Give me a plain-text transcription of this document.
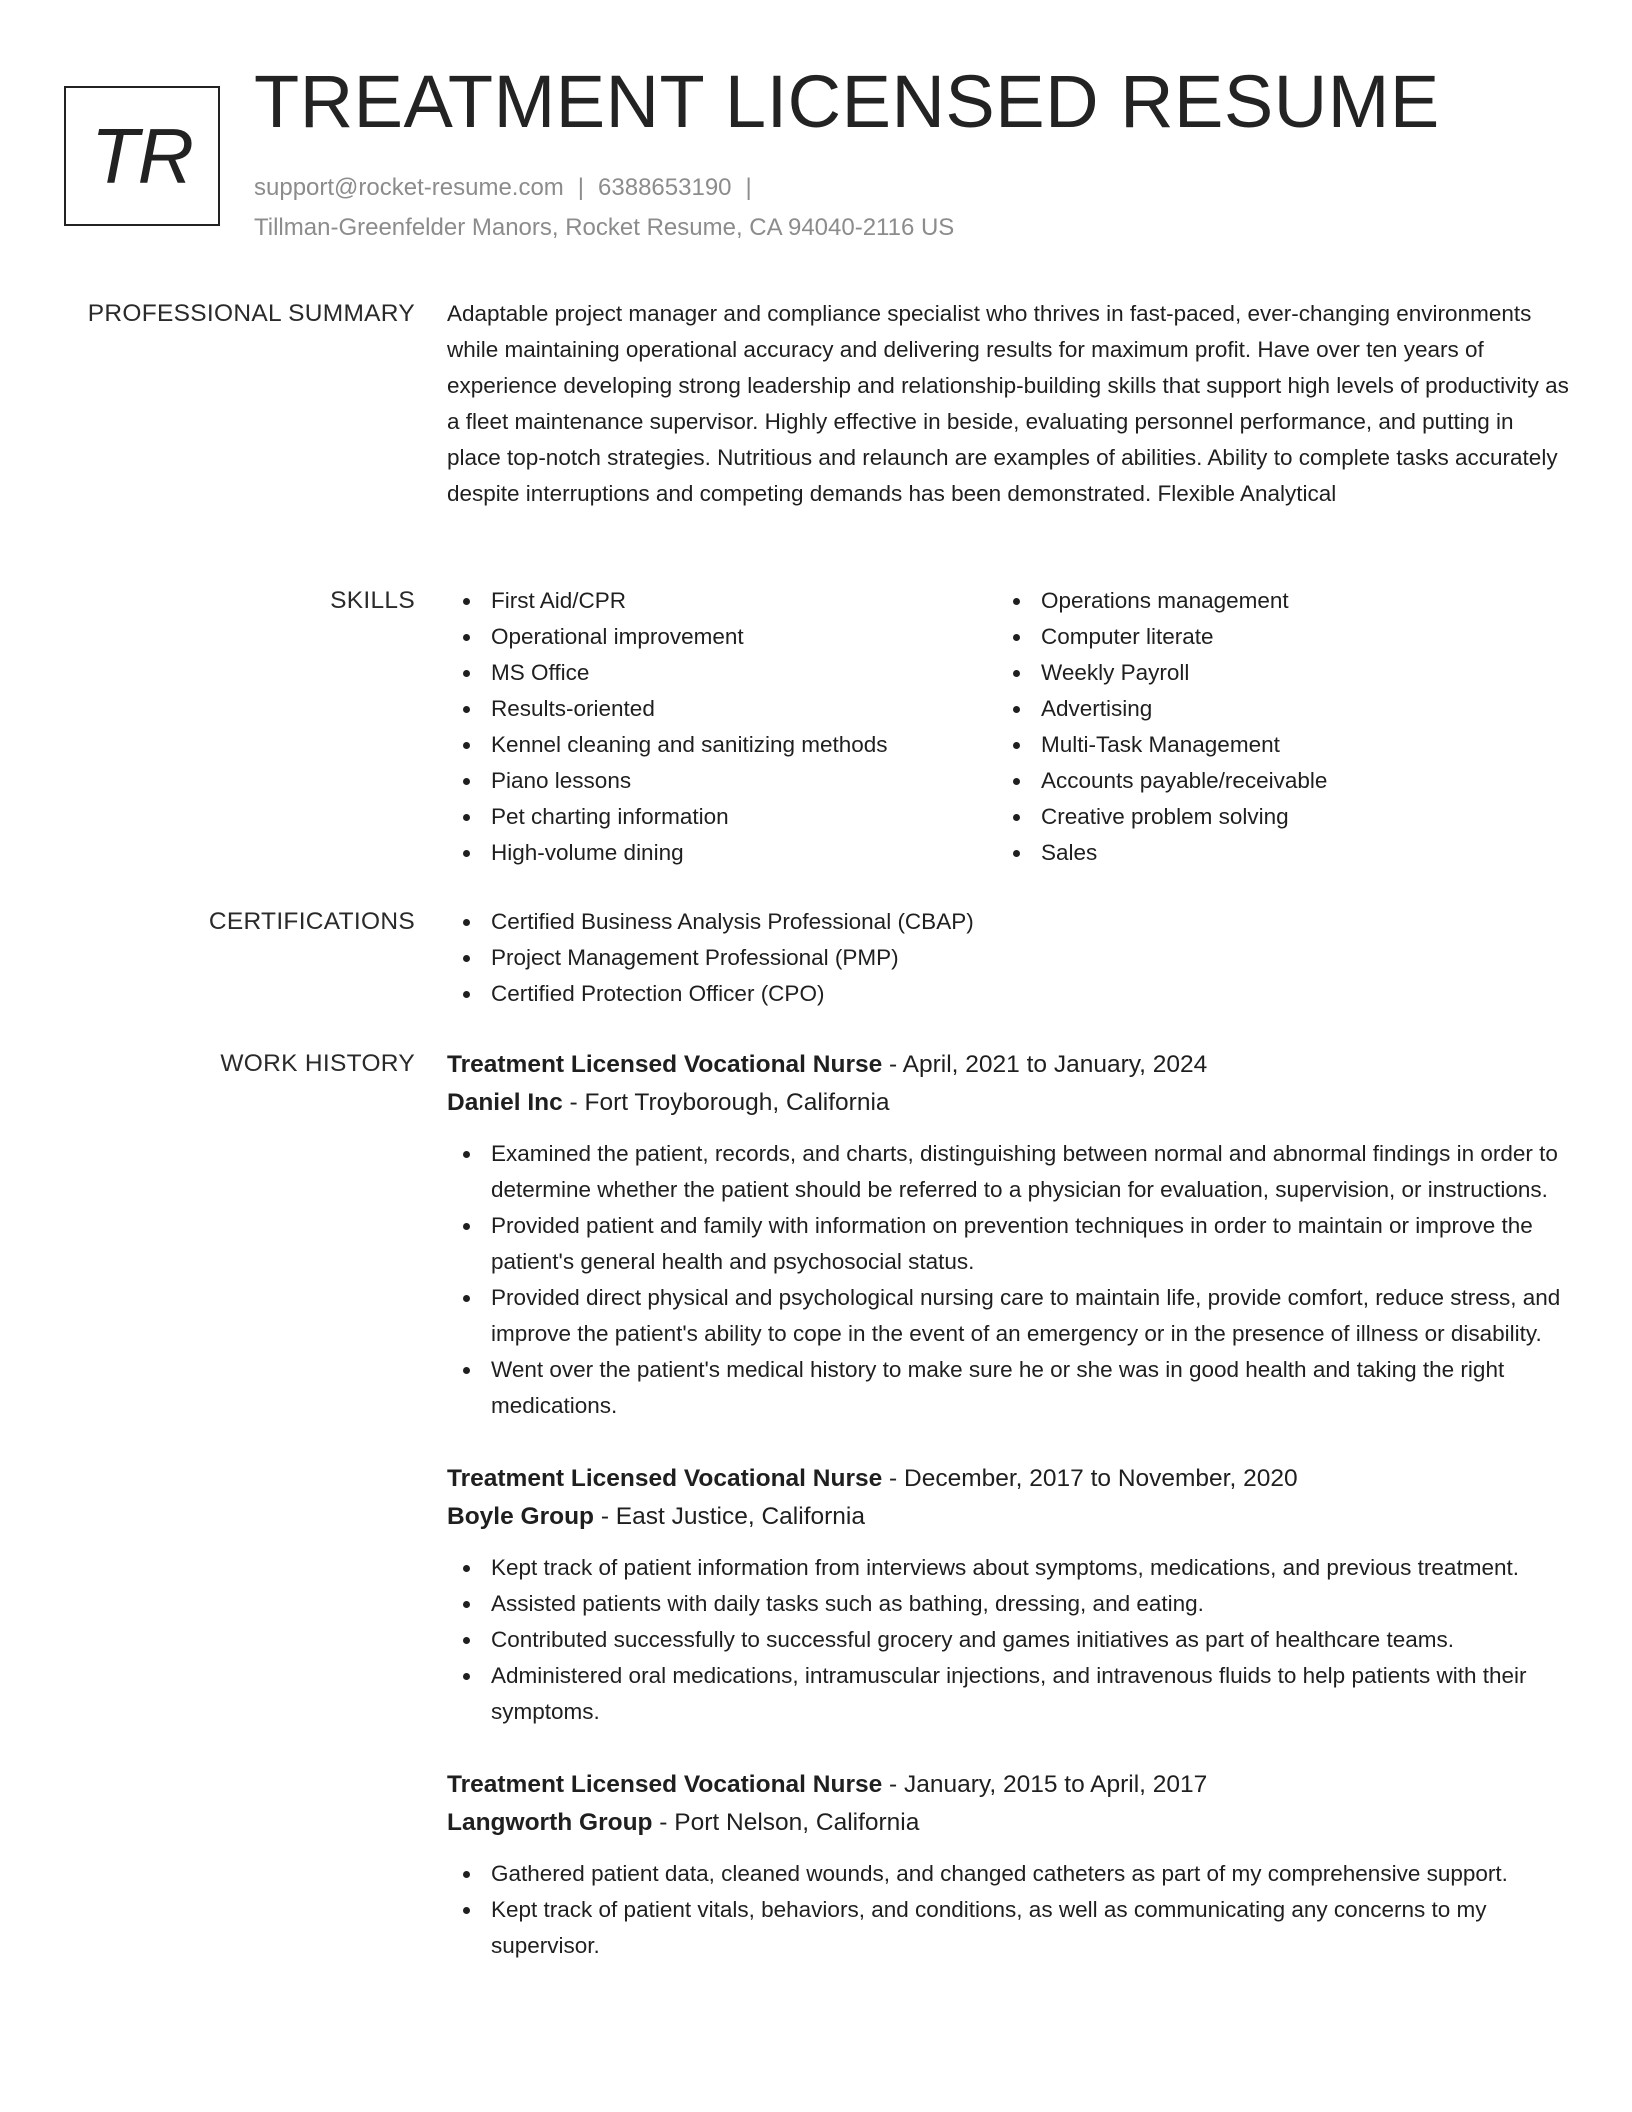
TR
TREATMENT LICENSED RESUME
support@rocket-resume.com | 6388653190 |
Tillman-Greenfelder Manors, Rocket Resume, CA 94040-2116 US
PROFESSIONAL SUMMARY Adaptable project manager and compliance specialist who thrives in fast-paced, ever-changing environments while maintaining operational accuracy and delivering results for maximum profit. Have over ten years of experience developing strong leadership and relationship-building skills that support high levels of productivity as a fleet maintenance supervisor. Highly effective in beside, evaluating personnel performance, and putting in place top-notch strategies. Nutritious and relaunch are examples of abilities. Ability to complete tasks accurately despite interruptions and competing demands has been demonstrated. Flexible Analytical

SKILLS	First Aid/CPR
Operational improvement
MS Office
Results-oriented
Kennel cleaning and sanitizing methods
Piano lessons
Pet charting information
High-volume dining
Operations management
Computer literate
Weekly Payroll
Advertising
Multi-Task Management
Accounts payable/receivable
Creative problem solving
Sales
CERTIFICATIONS	Certified Business Analysis Professional (CBAP)
Project Management Professional (PMP)
Certified Protection Officer (CPO)
WORK HISTORY Treatment Licensed Vocational Nurse - April, 2021 to January, 2024
Daniel Inc - Fort Troyborough, California
Examined the patient, records, and charts, distinguishing between normal and abnormal findings in order to determine whether the patient should be referred to a physician for evaluation, supervision, or instructions.
Provided patient and family with information on prevention techniques in order to maintain or improve the patient's general health and psychosocial status.
Provided direct physical and psychological nursing care to maintain life, provide comfort, reduce stress, and improve the patient's ability to cope in the event of an emergency or in the presence of illness or disability.
Went over the patient's medical history to make sure he or she was in good health and taking the right medications.
Treatment Licensed Vocational Nurse - December, 2017 to November, 2020
Boyle Group - East Justice, California
Kept track of patient information from interviews about symptoms, medications, and previous treatment.
Assisted patients with daily tasks such as bathing, dressing, and eating.
Contributed successfully to successful grocery and games initiatives as part of healthcare teams.
Administered oral medications, intramuscular injections, and intravenous fluids to help patients with their symptoms.
Treatment Licensed Vocational Nurse - January, 2015 to April, 2017
Langworth Group - Port Nelson, California
Gathered patient data, cleaned wounds, and changed catheters as part of my comprehensive support.
Kept track of patient vitals, behaviors, and conditions, as well as communicating any concerns to my supervisor.
